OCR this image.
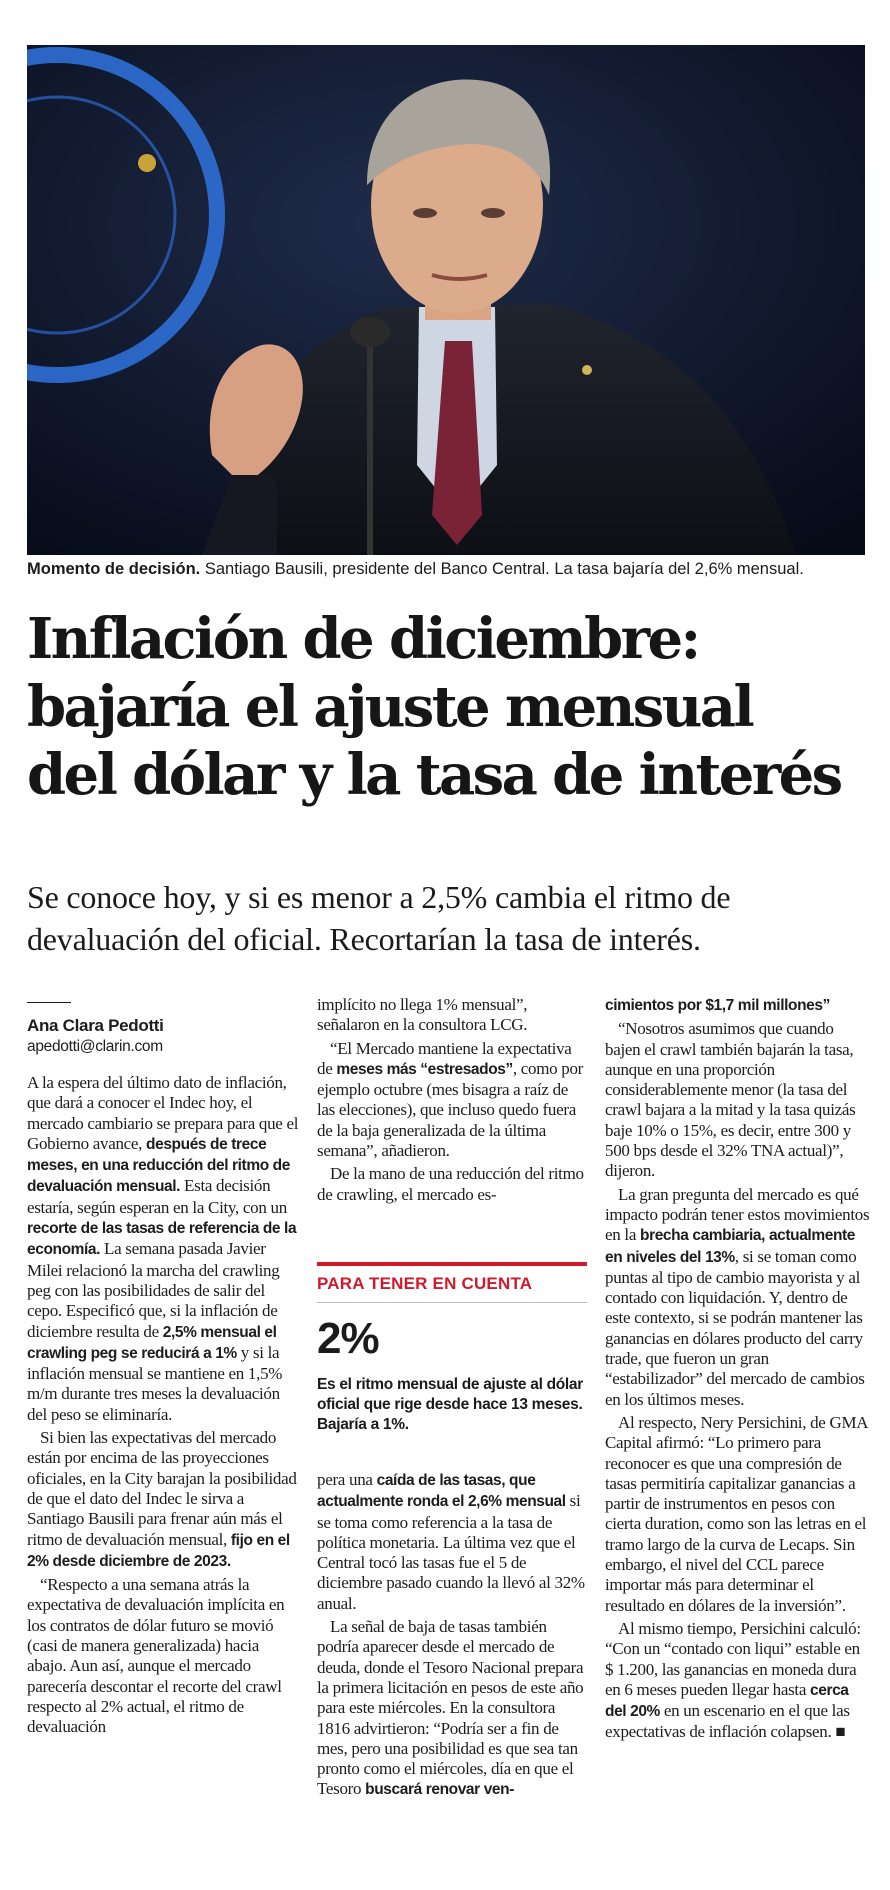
Momento de decisión. Santiago Bausili, presidente del Banco Central. La tasa bajaría del 2,6% mensual.
Inflación de diciembre:
bajaría el ajuste mensual
del dólar y la tasa de interés
Se conoce hoy, y si es menor a 2,5% cambia el ritmo de
devaluación del oficial. Recortarían la tasa de interés.
Ana Clara Pedotti
apedotti@clarin.com

A la espera del último dato de inflación, que dará a conocer el Indec hoy, el mercado cambiario se prepara para que el Gobierno avance, después de trece meses, en una reducción del ritmo de devaluación mensual. Esta decisión estaría, según esperan en la City, con un recorte de las tasas de referencia de la economía. La semana pasada Javier Milei relacionó la marcha del crawling peg con las posibilidades de salir del cepo. Especificó que, si la inflación de diciembre resulta de 2,5% mensual el crawling peg se reducirá a 1% y si la inflación mensual se mantiene en 1,5% m/m durante tres meses la devaluación del peso se eliminaría.

Si bien las expectativas del mercado están por encima de las proyecciones oficiales, en la City barajan la posibilidad de que el dato del Indec le sirva a Santiago Bausili para frenar aún más el ritmo de devaluación mensual, fijo en el 2% desde diciembre de 2023.

“Respecto a una semana atrás la expectativa de devaluación implícita en los contratos de dólar futuro se movió (casi de manera generalizada) hacia abajo. Aun así, aunque el mercado parecería descontar el recorte del crawl respecto al 2% actual, el ritmo de devaluación

implícito no llega 1% mensual”, señalaron en la consultora LCG.

“El Mercado mantiene la expectativa de meses más “estresados”, como por ejemplo octubre (mes bisagra a raíz de las elecciones), que incluso quedo fuera de la baja generalizada de la última semana”, añadieron.

De la mano de una reducción del ritmo de crawling, el mercado es-

PARA TENER EN CUENTA
2%
Es el ritmo mensual de ajuste al dólar oficial que rige desde hace 13 meses. Bajaría a 1%.

pera una caída de las tasas, que actualmente ronda el 2,6% mensual si se toma como referencia a la tasa de política monetaria. La última vez que el Central tocó las tasas fue el 5 de diciembre pasado cuando la llevó al 32% anual.

La señal de baja de tasas también podría aparecer desde el mercado de deuda, donde el Tesoro Nacional prepara la primera licitación en pesos de este año para este miércoles. En la consultora 1816 advirtieron: “Podría ser a fin de mes, pero una posibilidad es que sea tan pronto como el miércoles, día en que el Tesoro buscará renovar ven-

cimientos por $1,7 mil millones”

“Nosotros asumimos que cuando bajen el crawl también bajarán la tasa, aunque en una proporción considerablemente menor (la tasa del crawl bajara a la mitad y la tasa quizás baje 10% o 15%, es decir, entre 300 y 500 bps desde el 32% TNA actual)”, dijeron.

La gran pregunta del mercado es qué impacto podrán tener estos movimientos en la brecha cambiaria, actualmente en niveles del 13%, si se toman como puntas al tipo de cambio mayorista y al contado con liquidación. Y, dentro de este contexto, si se podrán mantener las ganancias en dólares producto del carry trade, que fueron un gran “estabilizador” del mercado de cambios en los últimos meses.

Al respecto, Nery Persichini, de GMA Capital afirmó: “Lo primero para reconocer es que una compresión de tasas permitiría capitalizar ganancias a partir de instrumentos en pesos con cierta duration, como son las letras en el tramo largo de la curva de Lecaps. Sin embargo, el nivel del CCL parece importar más para determinar el resultado en dólares de la inversión”.

Al mismo tiempo, Persichini calculó: “Con un “contado con liqui” estable en $ 1.200, las ganancias en moneda dura en 6 meses pueden llegar hasta cerca del 20% en un escenario en el que las expectativas de inflación colapsen. ■
